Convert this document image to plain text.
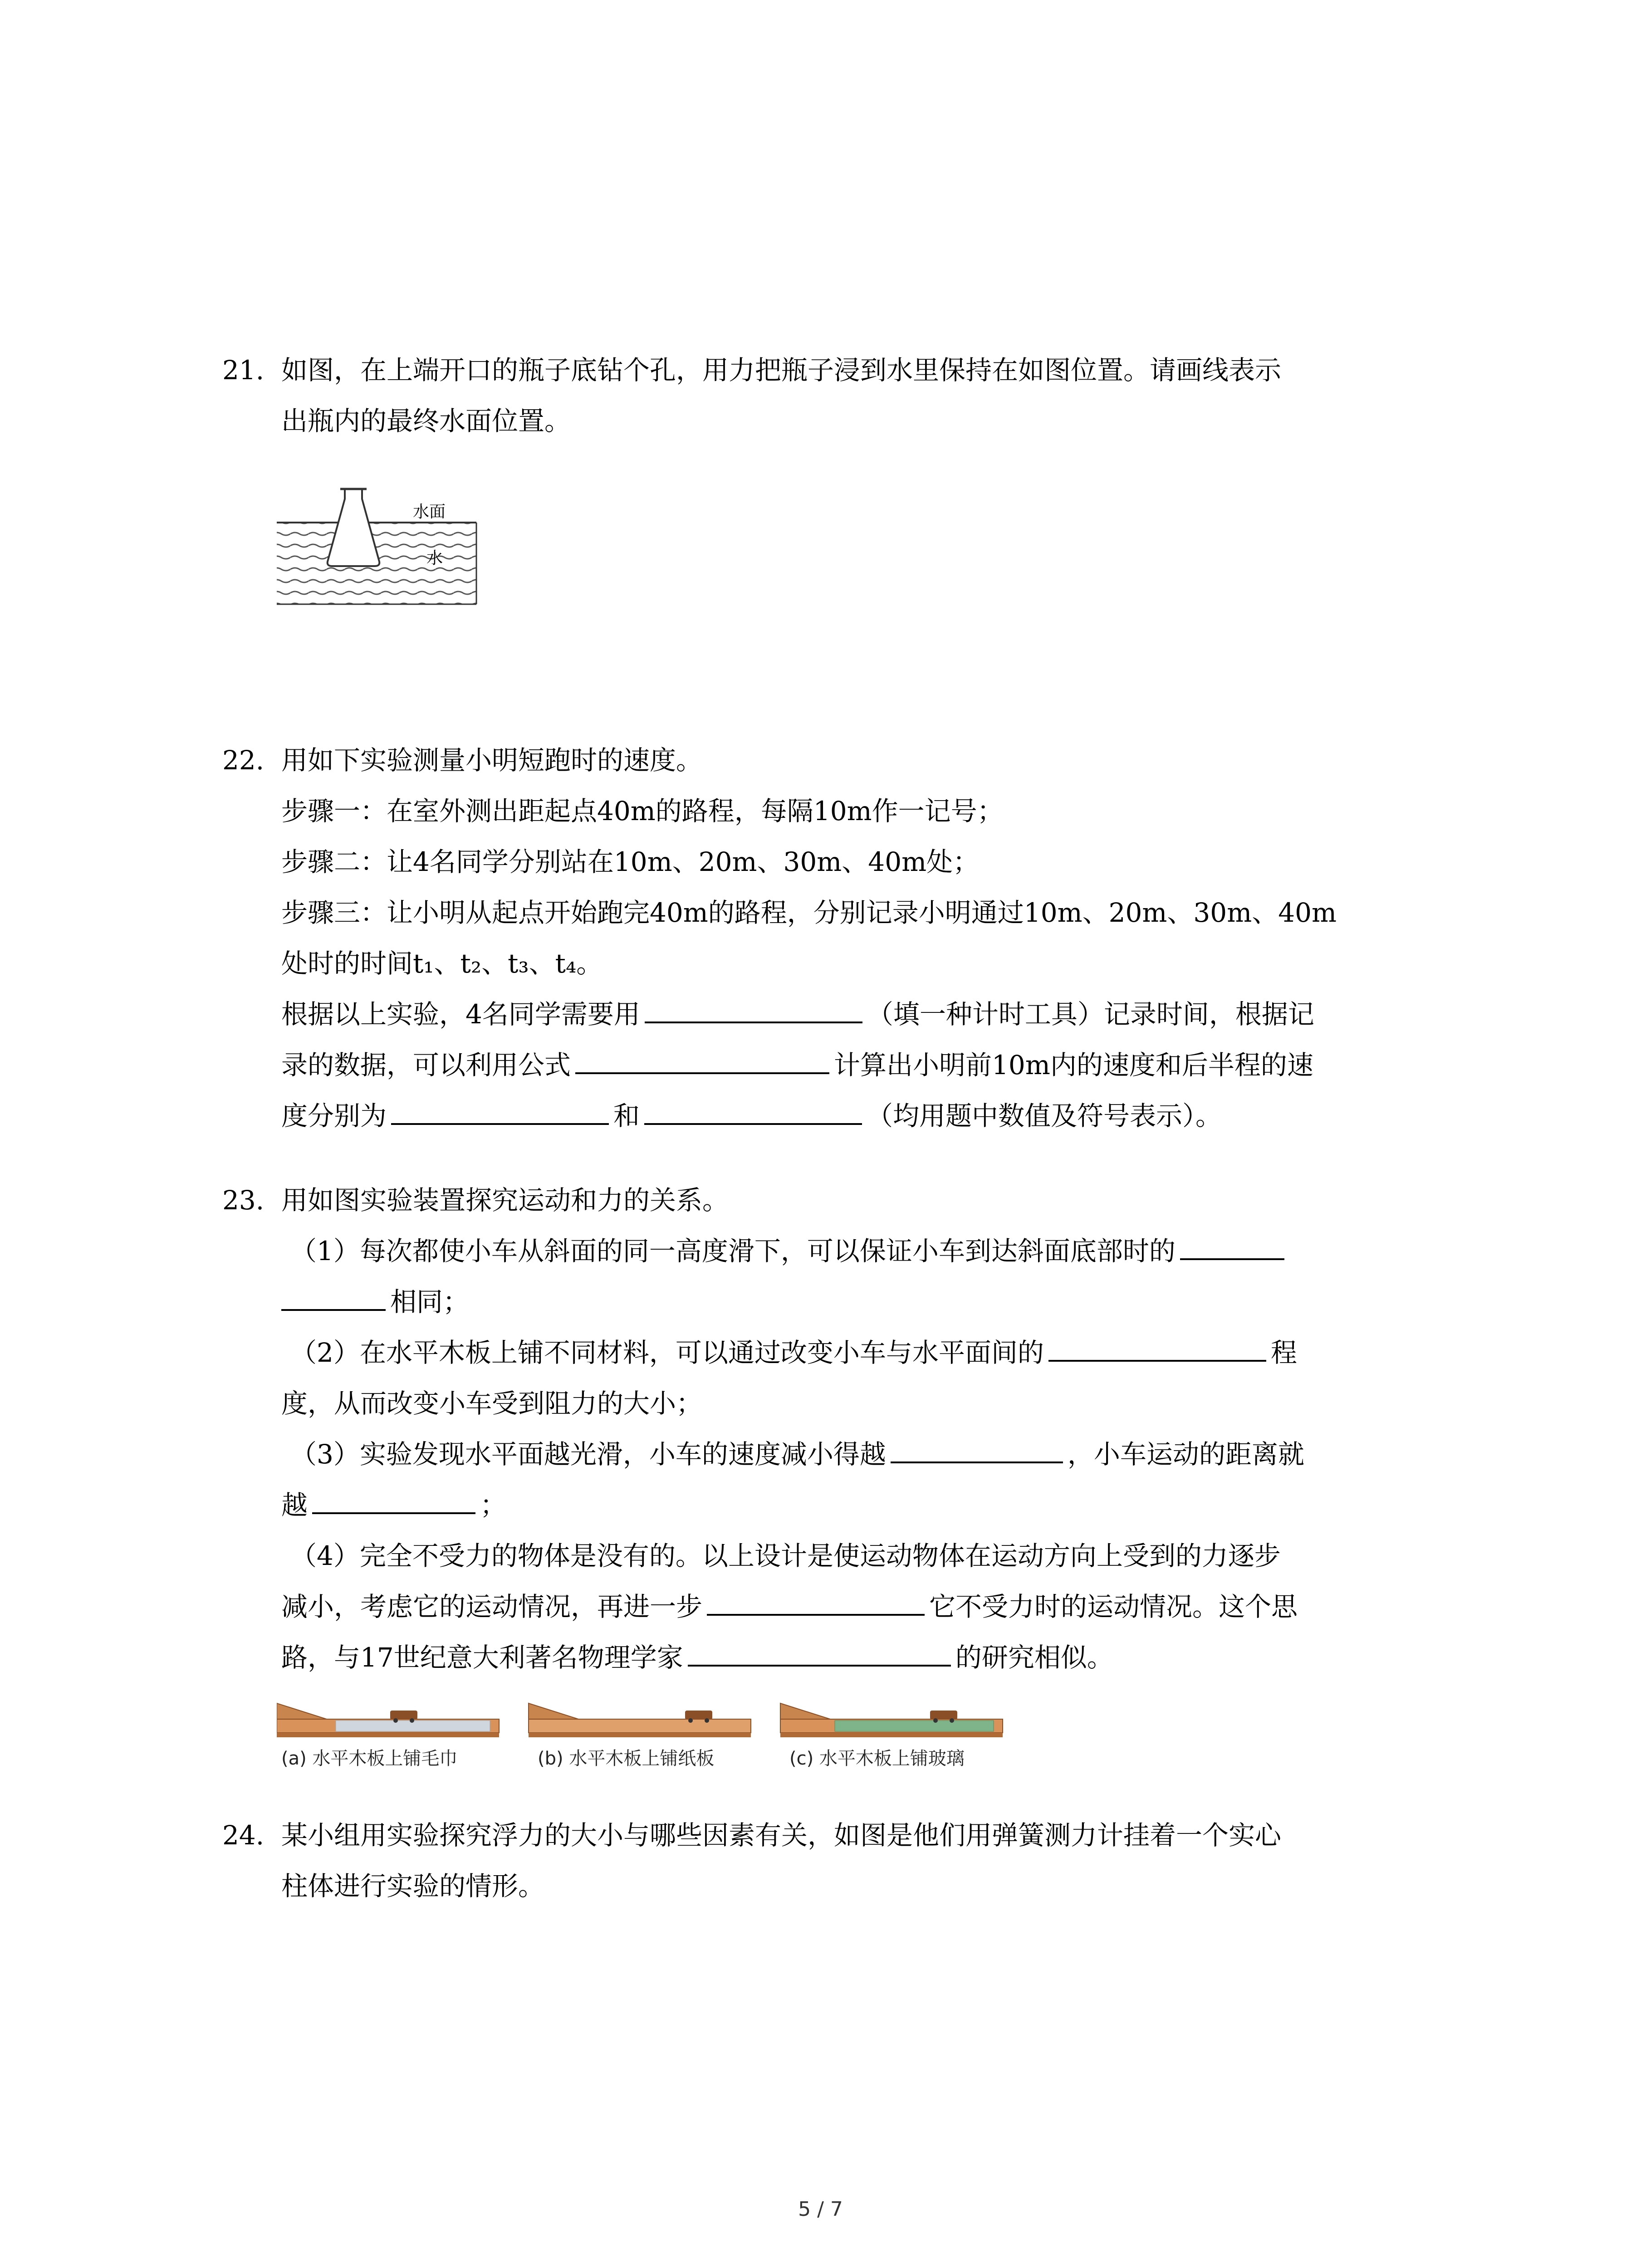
21. 如图，在上端开口的瓶子底钻个孔，用力把瓶子浸到水里保持在如图位置。请画线表示
出瓶内的最终水面位置。
水面
水
22. 用如下实验测量小明短跑时的速度。
步骤一：在室外测出距起点40m的路程，每隔10m作一记号；
步骤二：让4名同学分别站在10m、20m、30m、40m处；
步骤三：让小明从起点开始跑完40m的路程，分别记录小明通过10m、20m、30m、40m
处时的时间t₁、t₂、t₃、t₄。
根据以上实验，4名同学需要用	（填一种计时工具）记录时间，根据记
录的数据，可以利用公式	计算出小明前10m内的速度和后半程的速
度分别为	和	（均用题中数值及符号表示）。
23. 用如图实验装置探究运动和力的关系。
（1）每次都使小车从斜面的同一高度滑下，可以保证小车到达斜面底部时的
相同；
（2）在水平木板上铺不同材料，可以通过改变小车与水平面间的	程
度，从而改变小车受到阻力的大小；
（3）实验发现水平面越光滑，小车的速度减小得越	，小车运动的距离就
越	；
（4）完全不受力的物体是没有的。以上设计是使运动物体在运动方向上受到的力逐步
减小，考虑它的运动情况，再进一步	它不受力时的运动情况。这个思
路，与17世纪意大利著名物理学家	的研究相似。
(a) 水平木板上铺毛巾	(b) 水平木板上铺纸板	(c) 水平木板上铺玻璃
24. 某小组用实验探究浮力的大小与哪些因素有关，如图是他们用弹簧测力计挂着一个实心
柱体进行实验的情形。
5 / 7
